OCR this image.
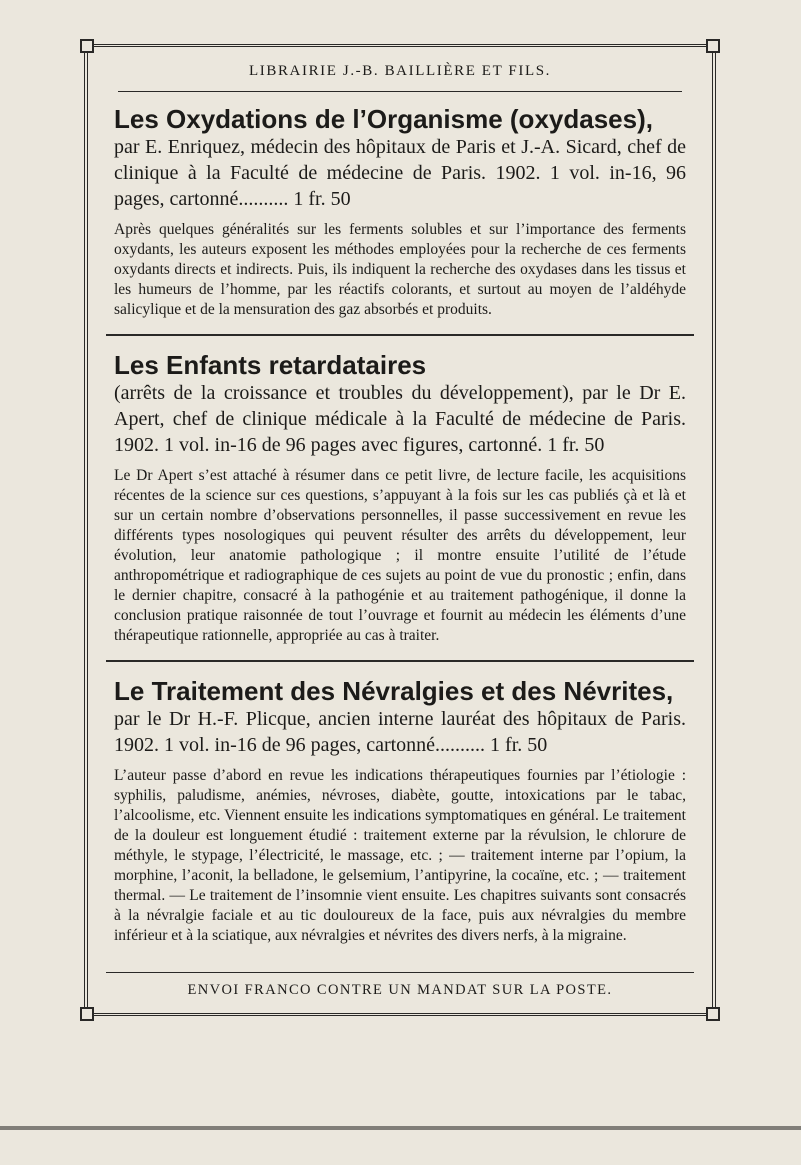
LIBRAIRIE J.-B. BAILLIÈRE ET FILS.

Les Oxydations de l’Organisme (oxydases),

par E. Enriquez, médecin des hôpitaux de Paris et J.-A. Sicard, chef de clinique à la Faculté de médecine de Paris. 1902. 1 vol. in-16, 96 pages, cartonné.......... 1 fr. 50

Après quelques généralités sur les ferments solubles et sur l’importance des ferments oxydants, les auteurs exposent les méthodes employées pour la recherche de ces ferments oxydants directs et indirects. Puis, ils indiquent la recherche des oxydases dans les tissus et les humeurs de l’homme, par les réactifs colorants, et surtout au moyen de l’aldéhyde salicylique et de la mensuration des gaz absorbés et produits.

Les Enfants retardataires

(arrêts de la croissance et troubles du développement), par le Dr E. Apert, chef de clinique médicale à la Faculté de médecine de Paris. 1902. 1 vol. in-16 de 96 pages avec figures, cartonné. 1 fr. 50

Le Dr Apert s’est attaché à résumer dans ce petit livre, de lecture facile, les acquisitions récentes de la science sur ces questions, s’appuyant à la fois sur les cas publiés çà et là et sur un certain nombre d’observations personnelles, il passe successivement en revue les différents types nosologiques qui peuvent résulter des arrêts du développement, leur évolution, leur anatomie pathologique ; il montre ensuite l’utilité de l’étude anthropométrique et radiographique de ces sujets au point de vue du pronostic ; enfin, dans le dernier chapitre, consacré à la pathogénie et au traitement pathogénique, il donne la conclusion pratique raisonnée de tout l’ouvrage et fournit au médecin les éléments d’une thérapeutique rationnelle, appropriée au cas à traiter.

Le Traitement des Névralgies et des Névrites,

par le Dr H.-F. Plicque, ancien interne lauréat des hôpitaux de Paris. 1902. 1 vol. in-16 de 96 pages, cartonné.......... 1 fr. 50

L’auteur passe d’abord en revue les indications thérapeutiques fournies par l’étiologie : syphilis, paludisme, anémies, névroses, diabète, goutte, intoxications par le tabac, l’alcoolisme, etc. Viennent ensuite les indications symptomatiques en général. Le traitement de la douleur est longuement étudié : traitement externe par la révulsion, le chlorure de méthyle, le stypage, l’électricité, le massage, etc. ; — traitement interne par l’opium, la morphine, l’aconit, la belladone, le gelsemium, l’antipyrine, la cocaïne, etc. ; — traitement thermal. — Le traitement de l’insomnie vient ensuite. Les chapitres suivants sont consacrés à la névralgie faciale et au tic douloureux de la face, puis aux névralgies du membre inférieur et à la sciatique, aux névralgies et névrites des divers nerfs, à la migraine.

ENVOI FRANCO CONTRE UN MANDAT SUR LA POSTE.
